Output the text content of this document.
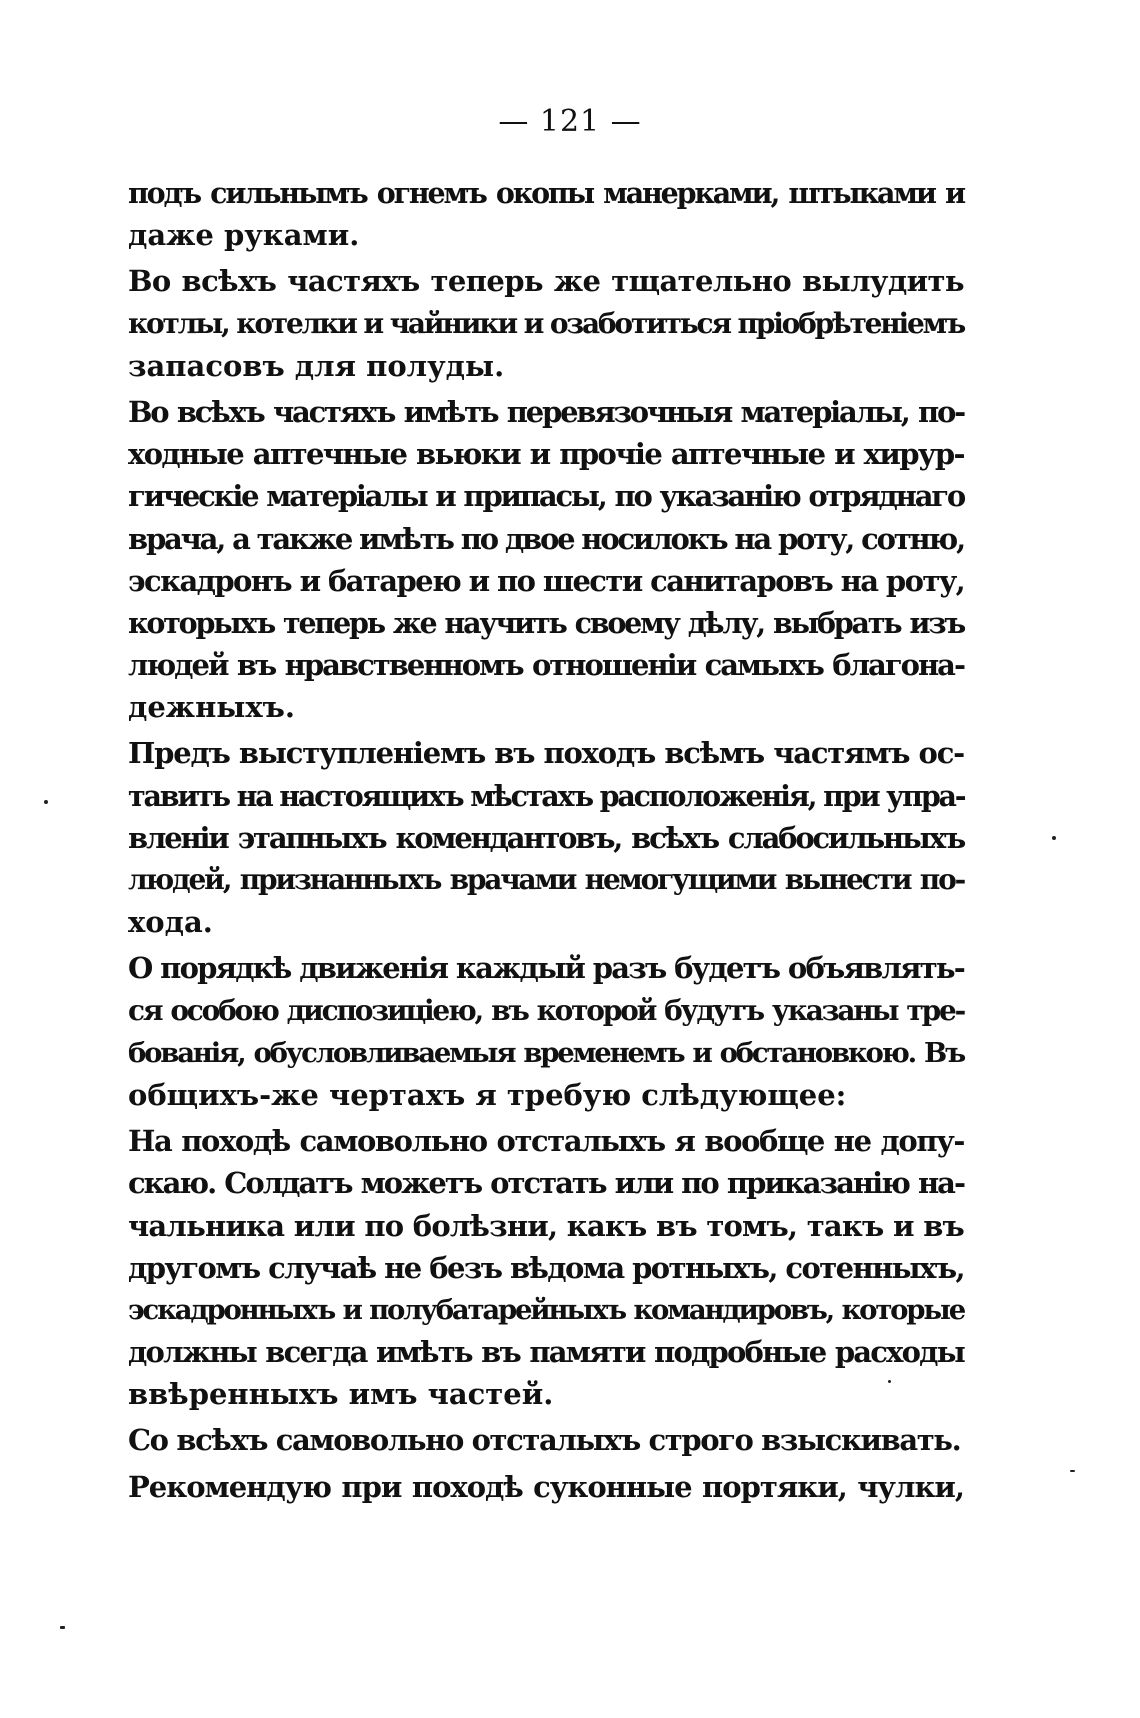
— 121 —
подъ сильнымъ огнемъ окопы манерками, штыками и
даже руками.
Во всѣхъ частяхъ теперь же тщательно вылудить
котлы, котелки и чайники и озаботиться пріобрѣтеніемъ
запасовъ для полуды.
Во всѣхъ частяхъ имѣть перевязочныя матеріалы, по-
ходные аптечные вьюки и прочіе аптечные и хирур-
гическіе матеріалы и припасы, по указанію отряднаго
врача, а также имѣть по двое носилокъ на роту, сотню,
эскадронъ и батарею и по шести санитаровъ на роту,
которыхъ теперь же научить своему дѣлу, выбрать изъ
людей въ нравственномъ отношеніи самыхъ благона-
дежныхъ.
Предъ выступленіемъ въ походъ всѣмъ частямъ ос-
тавить на настоящихъ мѣстахъ расположенія, при упра-
вленіи этапныхъ комендантовъ, всѣхъ слабосильныхъ
людей, признанныхъ врачами немогущими вынести по-
хода.
О порядкѣ движенія каждый разъ будетъ объявлять-
ся особою диспозиціею, въ которой будутъ указаны тре-
бованія, обусловливаемыя временемъ и обстановкою. Въ
общихъ-же чертахъ я требую слѣдующее:
На походѣ самовольно отсталыхъ я вообще не допу-
скаю. Солдатъ можетъ отстать или по приказанію на-
чальника или по болѣзни, какъ въ томъ, такъ и въ
другомъ случаѣ не безъ вѣдома ротныхъ, сотенныхъ,
эскадронныхъ и полубатарейныхъ командировъ, которые
должны всегда имѣть въ памяти подробные расходы
ввѣренныхъ имъ частей.
Со всѣхъ самовольно отсталыхъ строго взыскивать.
Рекомендую при походѣ суконные портяки, чулки,
